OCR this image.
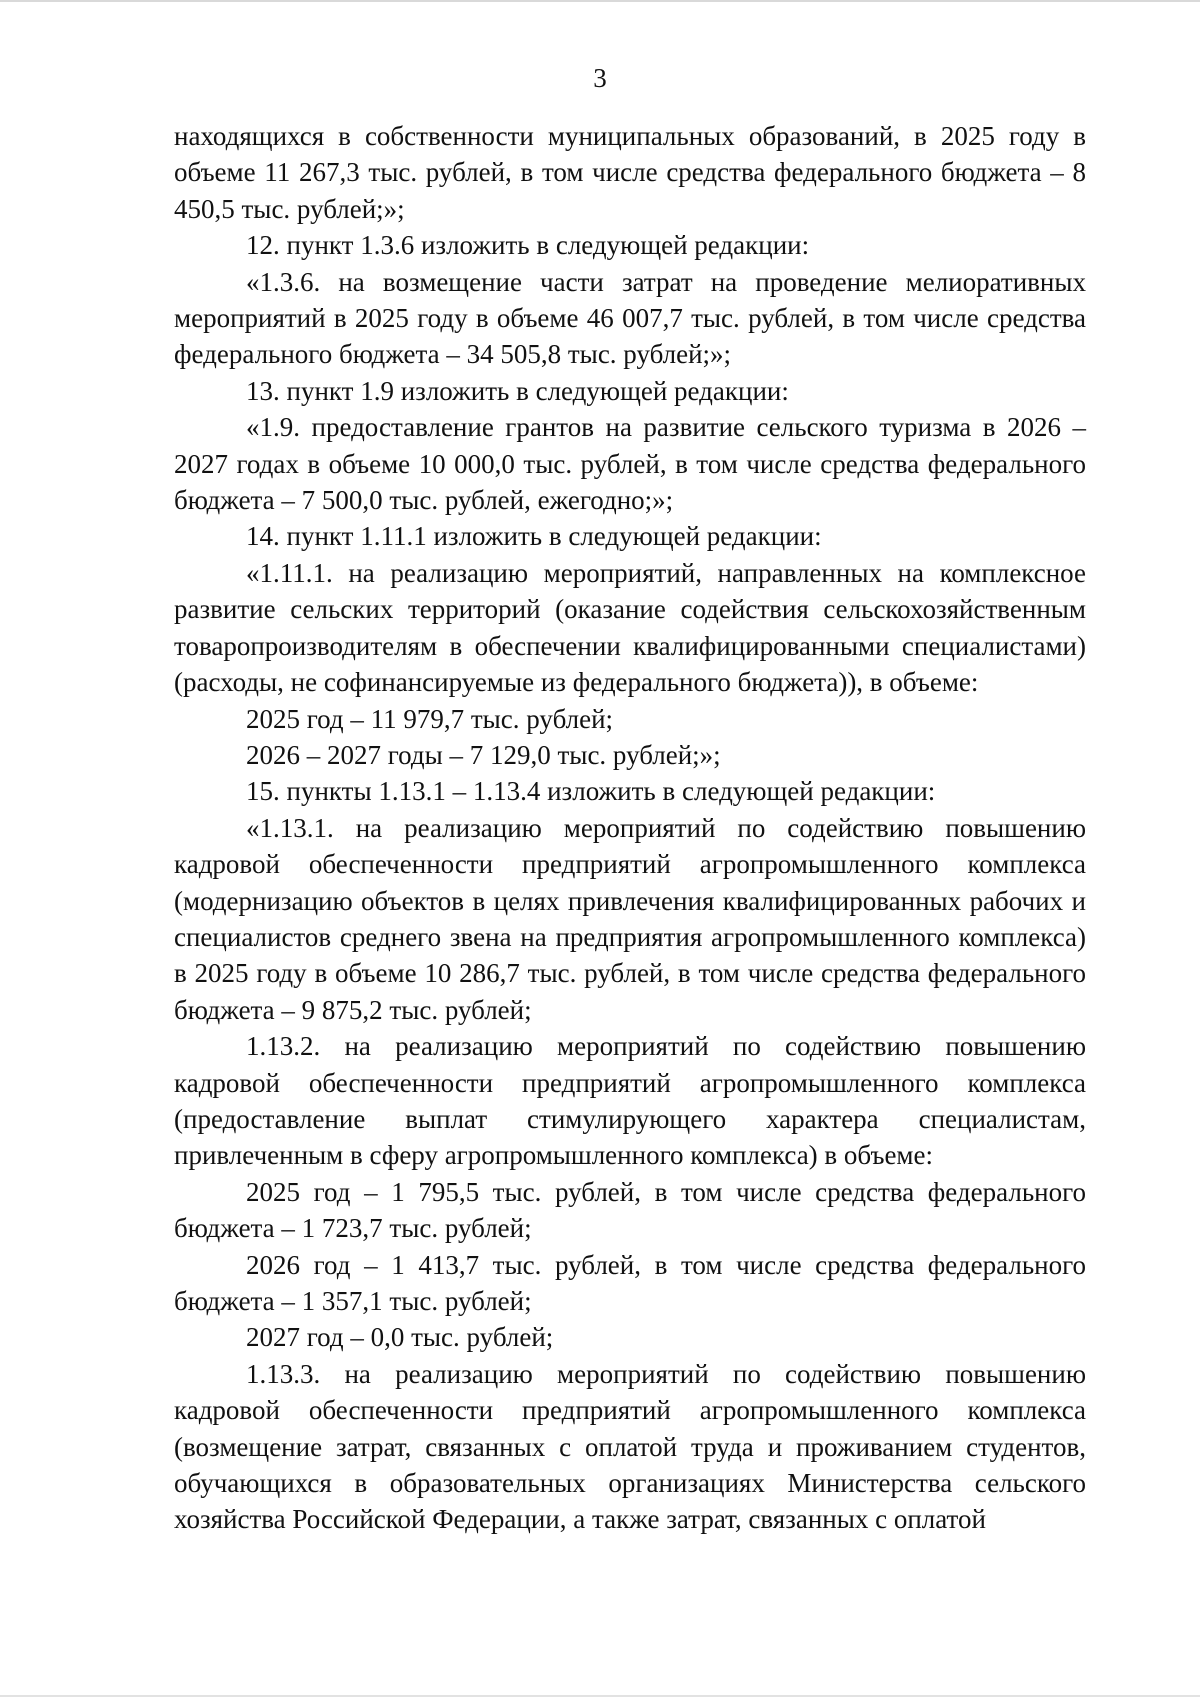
3

находящихся в собственности муниципальных образований, в 2025 году в объеме 11 267,3 тыс. рублей, в том числе средства федерального бюджета – 8 450,5 тыс. рублей;»;

12. пункт 1.3.6 изложить в следующей редакции:

«1.3.6. на возмещение части затрат на проведение мелиоративных мероприятий в 2025 году в объеме 46 007,7 тыс. рублей, в том числе средства федерального бюджета – 34 505,8 тыс. рублей;»;

13. пункт 1.9 изложить в следующей редакции:

«1.9. предоставление грантов на развитие сельского туризма в 2026 – 2027 годах в объеме 10 000,0 тыс. рублей, в том числе средства федерального бюджета – 7 500,0 тыс. рублей, ежегодно;»;

14. пункт 1.11.1 изложить в следующей редакции:

«1.11.1. на реализацию мероприятий, направленных на комплексное развитие сельских территорий (оказание содействия сельскохозяйственным товаропроизводителям в обеспечении квалифицированными специалистами) (расходы, не софинансируемые из федерального бюджета)), в объеме:

2025 год – 11 979,7 тыс. рублей;

2026 – 2027 годы – 7 129,0 тыс. рублей;»;

15. пункты 1.13.1 – 1.13.4 изложить в следующей редакции:

«1.13.1. на реализацию мероприятий по содействию повышению кадровой обеспеченности предприятий агропромышленного комплекса (модернизацию объектов в целях привлечения квалифицированных рабочих и специалистов среднего звена на предприятия агропромышленного комплекса) в 2025 году в объеме 10 286,7 тыс. рублей, в том числе средства федерального бюджета – 9 875,2 тыс. рублей;

1.13.2. на реализацию мероприятий по содействию повышению кадровой обеспеченности предприятий агропромышленного комплекса (предоставление выплат стимулирующего характера специалистам, привлеченным в сферу агропромышленного комплекса) в объеме:

2025 год – 1 795,5 тыс. рублей, в том числе средства федерального бюджета – 1 723,7 тыс. рублей;

2026 год – 1 413,7 тыс. рублей, в том числе средства федерального бюджета – 1 357,1 тыс. рублей;

2027 год – 0,0 тыс. рублей;

1.13.3. на реализацию мероприятий по содействию повышению кадровой обеспеченности предприятий агропромышленного комплекса (возмещение затрат, связанных с оплатой труда и проживанием студентов, обучающихся в образовательных организациях Министерства сельского хозяйства Российской Федерации, а также затрат, связанных с оплатой
